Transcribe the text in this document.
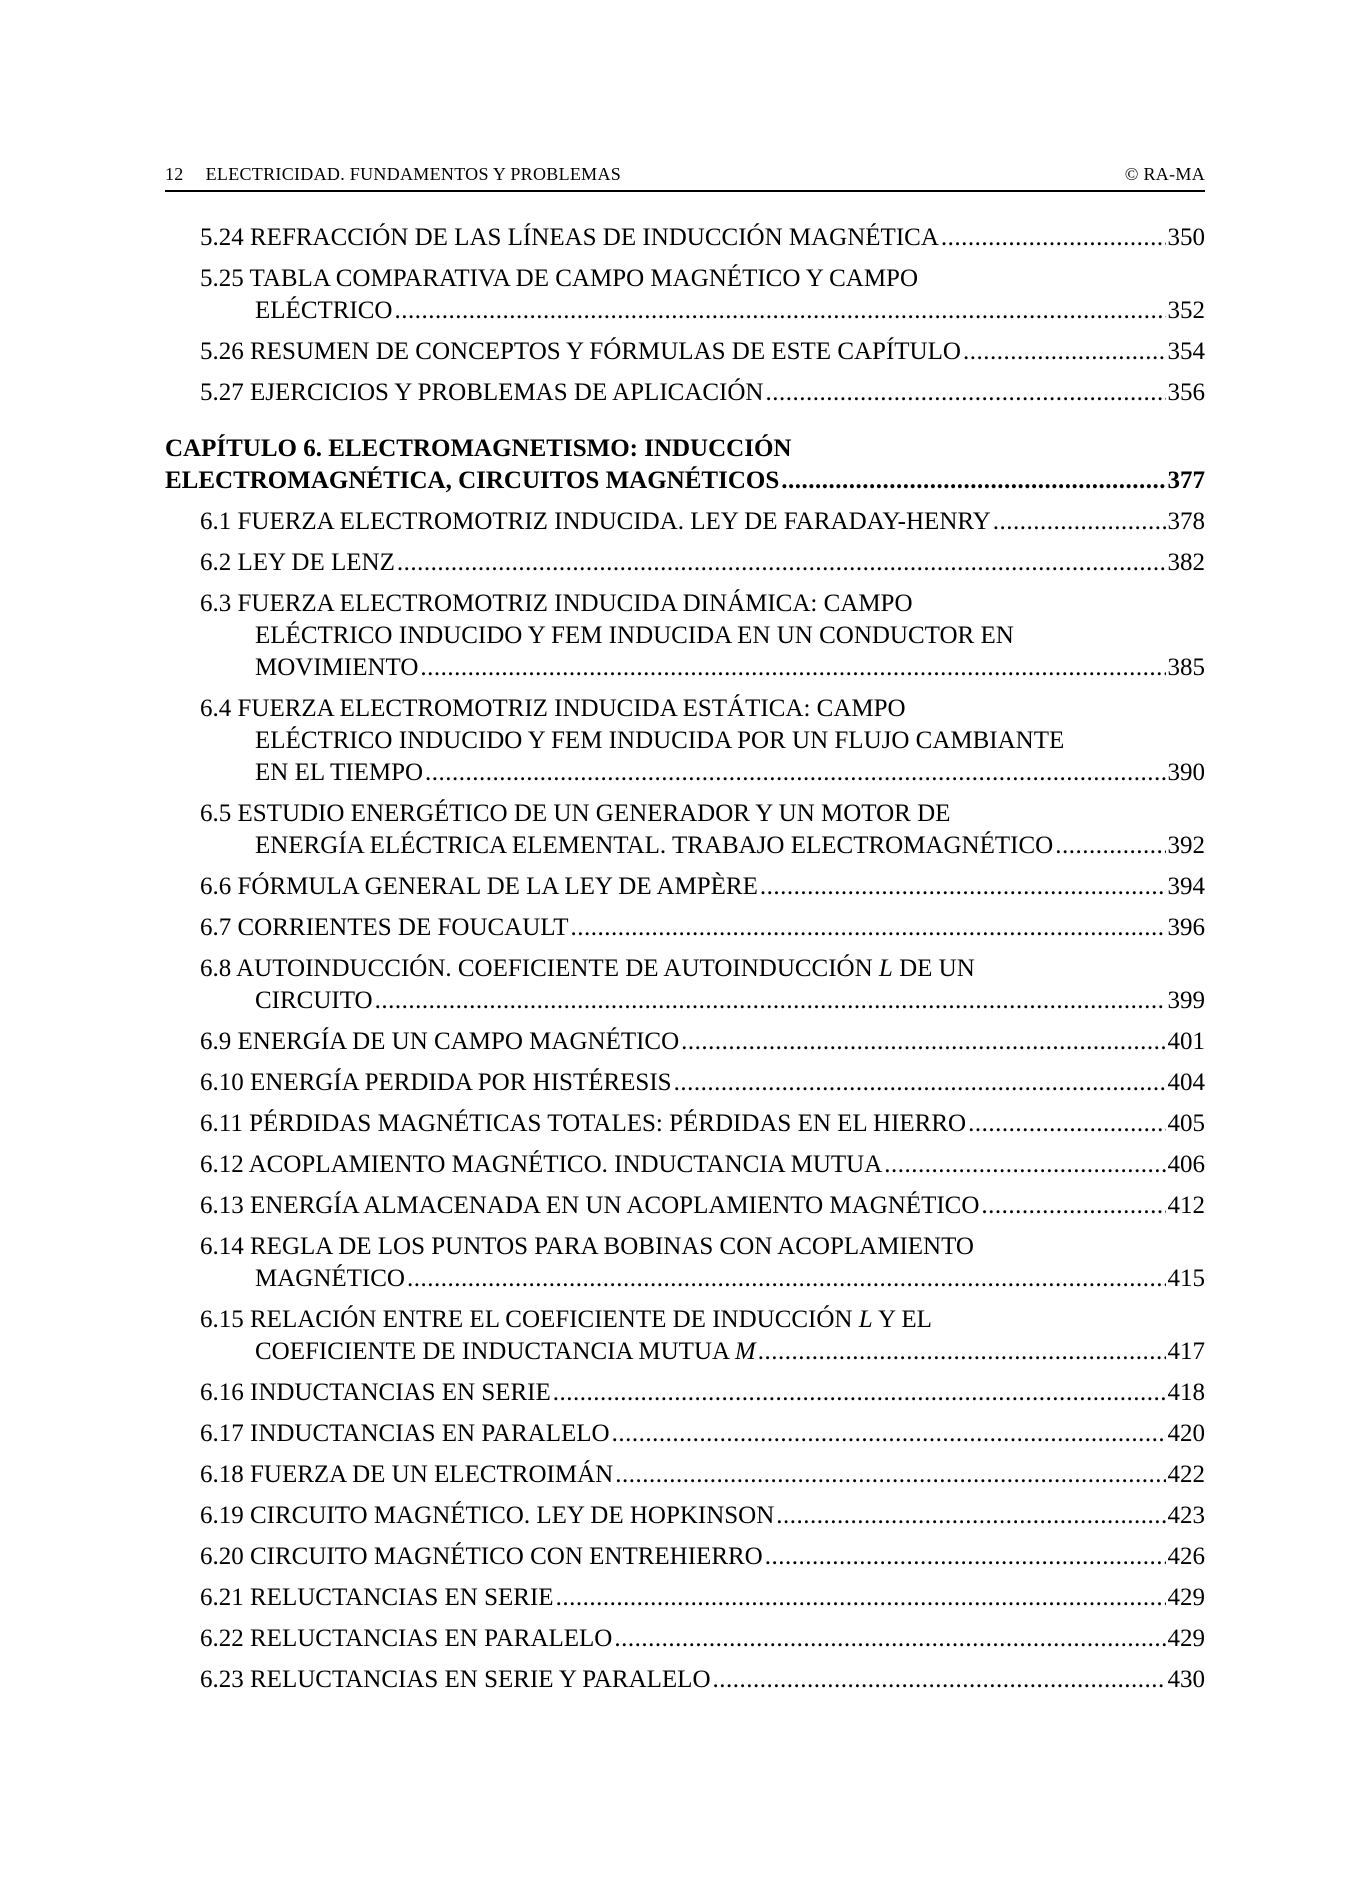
12 ELECTRICIDAD. FUNDAMENTOS Y PROBLEMAS	© RA-MA
5.24 REFRACCIÓN DE LAS LÍNEAS DE INDUCCIÓN MAGNÉTICA .....	350
5.25 TABLA COMPARATIVA DE CAMPO MAGNÉTICO Y CAMPO
ELÉCTRICO .....	352
5.26 RESUMEN DE CONCEPTOS Y FÓRMULAS DE ESTE CAPÍTULO .....	354
5.27 EJERCICIOS Y PROBLEMAS DE APLICACIÓN .....	356
CAPÍTULO 6. ELECTROMAGNETISMO: INDUCCIÓN
ELECTROMAGNÉTICA, CIRCUITOS MAGNÉTICOS .....	377
6.1 FUERZA ELECTROMOTRIZ INDUCIDA. LEY DE FARADAY-HENRY .....	378
6.2 LEY DE LENZ .....	382
6.3 FUERZA ELECTROMOTRIZ INDUCIDA DINÁMICA: CAMPO
ELÉCTRICO INDUCIDO Y FEM INDUCIDA EN UN CONDUCTOR EN
MOVIMIENTO .....	385
6.4 FUERZA ELECTROMOTRIZ INDUCIDA ESTÁTICA: CAMPO
ELÉCTRICO INDUCIDO Y FEM INDUCIDA POR UN FLUJO CAMBIANTE
EN EL TIEMPO .....	390
6.5 ESTUDIO ENERGÉTICO DE UN GENERADOR Y UN MOTOR DE
ENERGÍA ELÉCTRICA ELEMENTAL. TRABAJO ELECTROMAGNÉTICO .....	392
6.6 FÓRMULA GENERAL DE LA LEY DE AMPÈRE .....	394
6.7 CORRIENTES DE FOUCAULT .....	396
6.8 AUTOINDUCCIÓN. COEFICIENTE DE AUTOINDUCCIÓN L DE UN
CIRCUITO .....	399
6.9 ENERGÍA DE UN CAMPO MAGNÉTICO .....	401
6.10 ENERGÍA PERDIDA POR HISTÉRESIS .....	404
6.11 PÉRDIDAS MAGNÉTICAS TOTALES: PÉRDIDAS EN EL HIERRO .....	405
6.12 ACOPLAMIENTO MAGNÉTICO. INDUCTANCIA MUTUA .....	406
6.13 ENERGÍA ALMACENADA EN UN ACOPLAMIENTO MAGNÉTICO .....	412
6.14 REGLA DE LOS PUNTOS PARA BOBINAS CON ACOPLAMIENTO
MAGNÉTICO .....	415
6.15 RELACIÓN ENTRE EL COEFICIENTE DE INDUCCIÓN L Y EL
COEFICIENTE DE INDUCTANCIA MUTUA M .....	417
6.16 INDUCTANCIAS EN SERIE .....	418
6.17 INDUCTANCIAS EN PARALELO .....	420
6.18 FUERZA DE UN ELECTROIMÁN .....	422
6.19 CIRCUITO MAGNÉTICO. LEY DE HOPKINSON .....	423
6.20 CIRCUITO MAGNÉTICO CON ENTREHIERRO .....	426
6.21 RELUCTANCIAS EN SERIE .....	429
6.22 RELUCTANCIAS EN PARALELO .....	429
6.23 RELUCTANCIAS EN SERIE Y PARALELO .....	430
